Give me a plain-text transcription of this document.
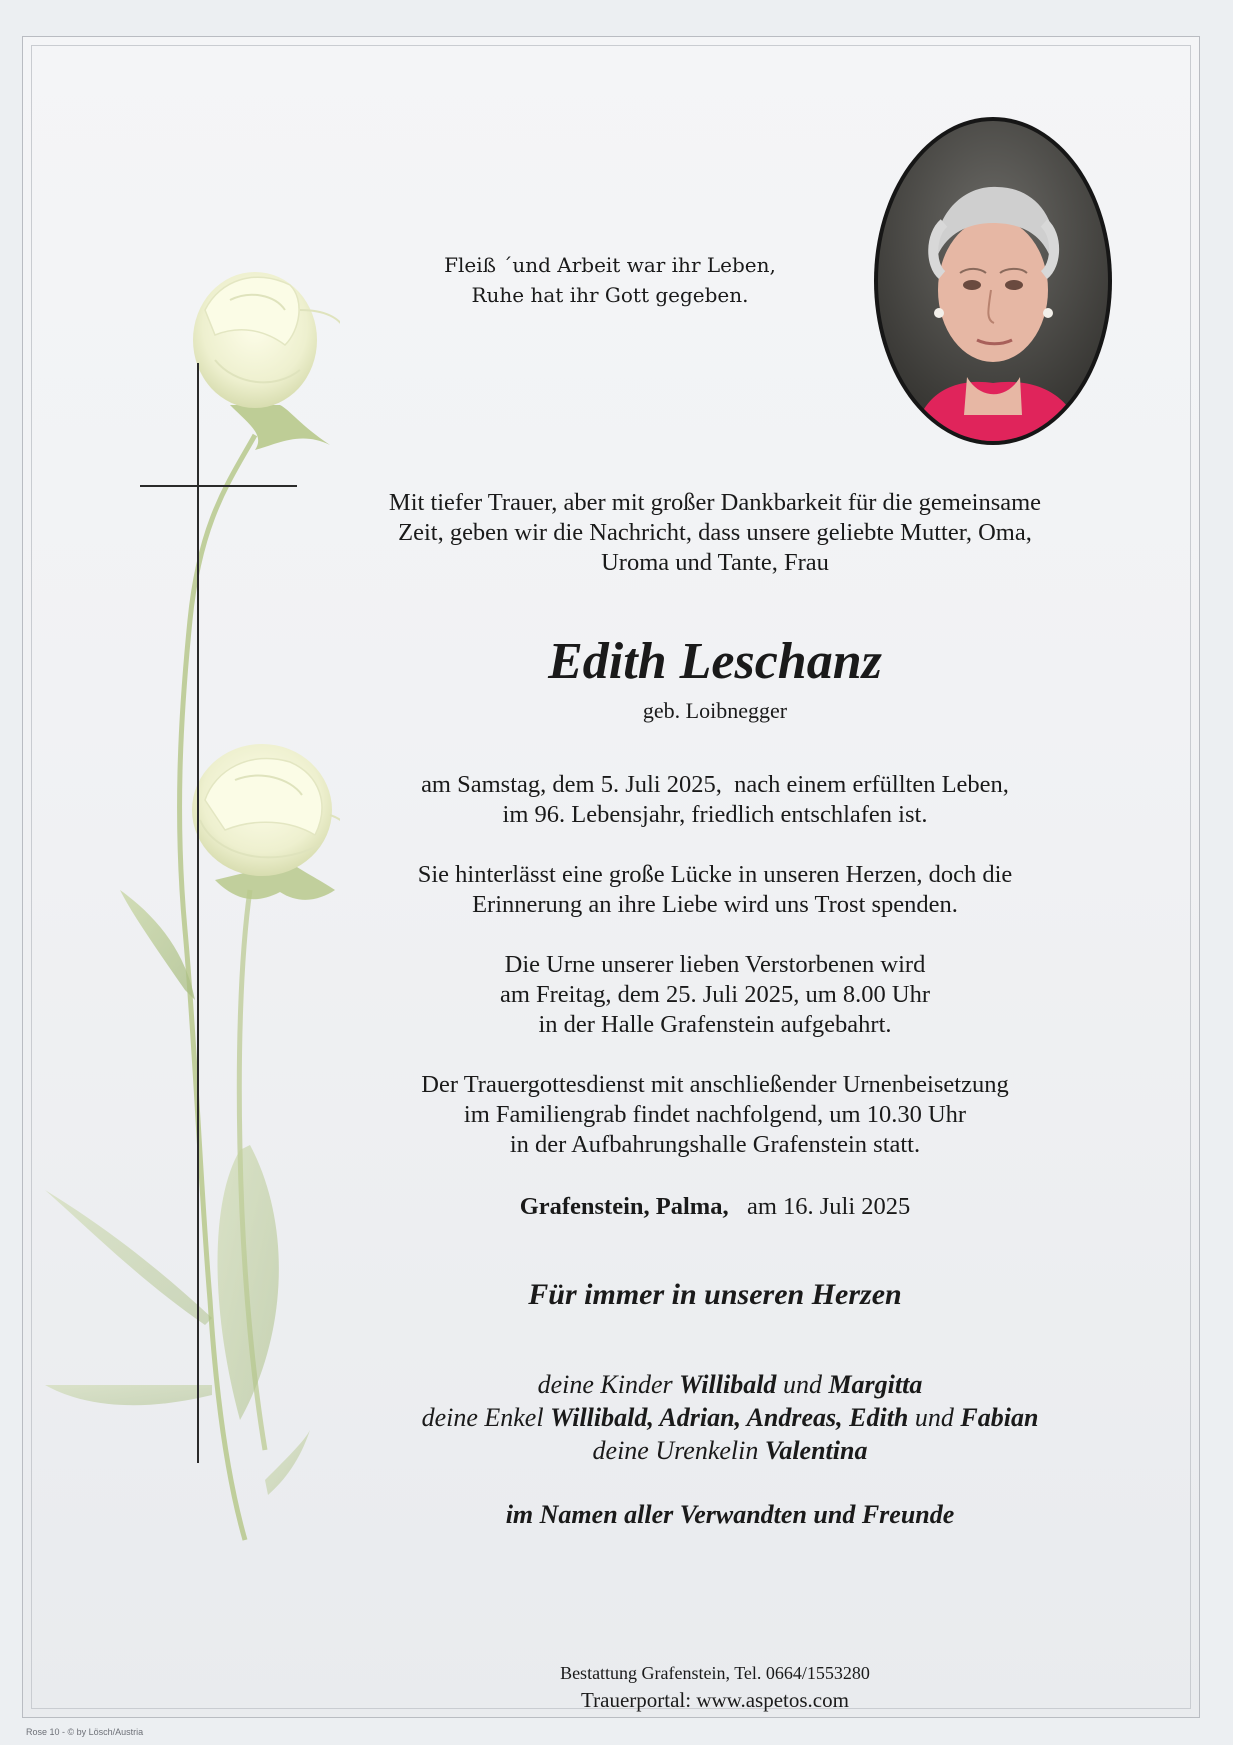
Fleiß ´und Arbeit war ihr Leben,
Ruhe hat ihr Gott gegeben.
Mit tiefer Trauer, aber mit großer Dankbarkeit für die gemeinsame
Zeit, geben wir die Nachricht, dass unsere geliebte Mutter, Oma,
Uroma und Tante, Frau
Edith Leschanz
geb. Loibnegger
am Samstag, dem 5. Juli 2025,  nach einem erfüllten Leben,
im 96. Lebensjahr, friedlich entschlafen ist.
Sie hinterlässt eine große Lücke in unseren Herzen, doch die
Erinnerung an ihre Liebe wird uns Trost spenden.
Die Urne unserer lieben Verstorbenen wird
am Freitag, dem 25. Juli 2025, um 8.00 Uhr
in der Halle Grafenstein aufgebahrt.
Der Trauergottesdienst mit anschließender Urnenbeisetzung
im Familiengrab findet nachfolgend, um 10.30 Uhr
in der Aufbahrungshalle Grafenstein statt.
Grafenstein, Palma, am 16. Juli 2025
Für immer in unseren Herzen
deine Kinder Willibald und Margitta
deine Enkel Willibald, Adrian, Andreas, Edith und Fabian
deine Urenkelin Valentina
im Namen aller Verwandten und Freunde
Bestattung Grafenstein, Tel. 0664/1553280
Trauerportal: www.aspetos.com
Rose 10 - © by Lösch/Austria
